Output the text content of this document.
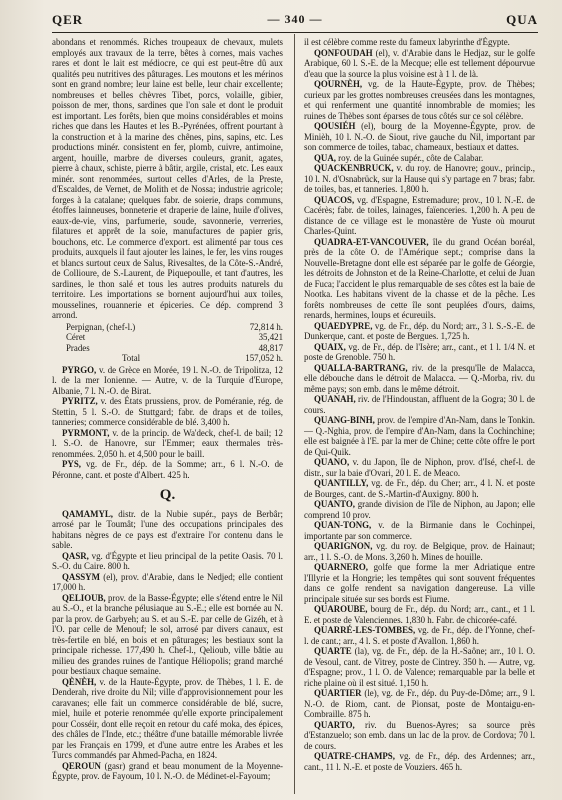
QER	— 340 —	QUA

abondans et renommés. Riches troupeaux de chevaux, mulets employés aux travaux de la terre, bêtes à cornes, mais vaches rares et dont le lait est médiocre, ce qui est peut-être dû aux qualités peu nutritives des pâturages. Les moutons et les mérinos sont en grand nombre; leur laine est belle, leur chair excellente; nombreuses et belles chèvres Tibet, porcs, volaille, gibier, poisson de mer, thons, sardines que l'on sale et dont le produit est important. Les forêts, bien que moins considérables et moins riches que dans les Hautes et les B.-Pyrénées, offrent pourtant à la construction et à la marine des chênes, pins, sapins, etc. Les productions minér. consistent en fer, plomb, cuivre, antimoine, argent, houille, marbre de diverses couleurs, granit, agates, pierre à chaux, schiste, pierre à bâtir, argile, cristal, etc. Les eaux minér. sont renommées, surtout celles d'Arles, de la Preste, d'Escaldes, de Vernet, de Molith et de Nossa; industrie agricole; forges à la catalane; quelques fabr. de soierie, draps communs, étoffes lainneuses, bonneterie et draperie de laine, huile d'olives, eaux-de-vie, vins, parfumerie, soude, savonnerie, verreries, filatures et apprêt de la soie, manufactures de papier gris, bouchons, etc. Le commerce d'export. est alimenté par tous ces produits, auxquels il faut ajouter les laines, le fer, les vins rouges et blancs surtout ceux de Salus, Rivesaltes, de la Côte-S.-André, de Collioure, de S.-Laurent, de Piquepoulle, et tant d'autres, les sardines, le thon salé et tous les autres produits naturels du territoire. Les importations se bornent aujourd'hui aux toiles, mousselines, rouannerie et épiceries. Ce dép. comprend 3 arrond.

Perpignan, (chef-l.)	72,814 h.
Céret	35,421
Prades	48,817
Total	157,052 h.

PYRGO, v. de Grèce en Morée, 19 l. N.-O. de Tripolitza, 12 l. de la mer Ionienne. — Autre, v. de la Turquie d'Europe, Albanie, 7 l. N.-O. de Birat.

PYRITZ, v. des États prussiens, prov. de Poméranie, rég. de Stettin, 5 l. S.-O. de Stuttgard; fabr. de draps et de toiles, tanneries; commerce considérable de blé. 3,400 h.

PYRMONT, v. de la princip. de Wa'deck, chef-l. de bail; 12 l. S.-O. de Hanovre, sur l'Emmer; eaux thermales très-renommées. 2,050 h. et 4,500 pour le baill.

PYS, vg. de Fr., dép. de la Somme; arr., 6 l. N.-O. de Péronne, cant. et poste d'Albert. 425 h.

Q.

QAMAMYL, distr. de la Nubie supér., pays de Berbâr; arrosé par le Toumât; l'une des occupations principales des habitans nègres de ce pays est d'extraire l'or contenu dans le sable.

QASR, vg. d'Égypte et lieu principal de la petite Oasis. 70 l. S.-O. du Caire. 800 h.

QASSYM (el), prov. d'Arabie, dans le Nedjed; elle contient 17,000 h.

QELIOUB, prov. de la Basse-Égypte; elle s'étend entre le Nil au S.-O., et la branche pélusiaque au S.-E.; elle est bornée au N. par la prov. de Garbyeh; au S. et au S.-E. par celle de Gizéh, et à l'O. par celle de Menouf; le sol, arrosé par divers canaux, est très-fertile en blé, en bois et en pâturages; les bestiaux sont la principale richesse. 177,490 h. Chef-l., Qelioub, ville bâtie au milieu des grandes ruines de l'antique Héliopolis; grand marché pour bestiaux chaque semaine.

QÈNÈH, v. de la Haute-Égypte, prov. de Thèbes, 1 l. E. de Denderah, rive droite du Nil; ville d'approvisionnement pour les caravanes; elle fait un commerce considérable de blé, sucre, miel, huile et poterie renommée qu'elle exporte principalement pour Cosséir, dont elle reçoit en retour du café moka, des épices, des châles de l'Inde, etc.; théâtre d'une bataille mémorable livrée par les Français en 1799, et d'une autre entre les Arabes et les Turcs commandés par Ahmed-Pacha, en 1824.

QEROUN (gasr) grand et beau monument de la Moyenne-Égypte, prov. de Fayoum, 10 l. N.-O. de Médinet-el-Fayoum;

il est célèbre comme reste du fameux labyrinthe d'Égypte.

QONFOUDAH (el), v. d'Arabie dans le Hedjaz, sur le golfe Arabique, 60 l. S.-E. de la Mecque; elle est tellement dépourvue d'eau que la source la plus voisine est à 1 l. de là.

QOURNÈH, vg. de la Haute-Égypte, prov. de Thèbes; curieux par les grottes nombreuses creusées dans les montagnes, et qui renferment une quantité innombrable de momies; les ruines de Thèbes sont éparses de tous côtés sur ce sol célèbre.

QOUSIÉH (el), bourg de la Moyenne-Égypte, prov. de Minièh, 10 l. N.-O. de Siout, rive gauche du Nil, important par son commerce de toiles, tabac, chameaux, bestiaux et dattes.

QUA, roy. de la Guinée supér., côte de Calabar.

QUACKENBRUCK, v. du roy. de Hanovre; gouv., princip., 10 l. N. d'Osnabrück, sur la Hause qui s'y partage en 7 bras; fabr. de toiles, bas, et tanneries. 1,800 h.

QUACOS, vg. d'Espagne, Estremadure; prov., 10 l. N.-E. de Cacérès; fabr. de toiles, lainages, faïenceries. 1,200 h. A peu de distance de ce village est le monastère de Yuste où mourut Charles-Quint.

QUADRA-ET-VANCOUVER, île du grand Océan boréal, près de la côte O. de l'Amérique sept.; comprise dans la Nouvelle-Bretagne dont elle est séparée par le golfe de Géorgie, les détroits de Johnston et de la Reine-Charlotte, et celui de Juan de Fuca; l'accident le plus remarquable de ses côtes est la baie de Nootka. Les habitans vivent de la chasse et de la pêche. Les forêts nombreuses de cette île sont peuplées d'ours, daims, renards, hermines, loups et écureuils.

QUAEDYPRE, vg. de Fr., dép. du Nord; arr., 3 l. S.-S.-E. de Dunkerque, cant. et poste de Bergues. 1,725 h.

QUAIX, vg. de Fr., dép. de l'Isère; arr., cant., et 1 l. 1/4 N. et poste de Grenoble. 750 h.

QUALLA-BARTRANG, riv. de la presqu'île de Malacca, elle débouche dans le détroit de Malacca. — Q.-Morba, riv. du même pays; son emb. dans le même détroit.

QUANAH, riv. de l'Hindoustan, affluent de la Gogra; 30 l. de cours.

QUANG-BINH, prov. de l'empire d'An-Nam, dans le Tonkin. — Q.-Nghia, prov. de l'empire d'An-Nam, dans la Cochinchine; elle est baignée à l'E. par la mer de Chine; cette côte offre le port de Qui-Quik.

QUANO, v. du Japon, île de Niphon, prov. d'Isé, chef-l. de distr., sur la baie d'Ovari, 20 l. E. de Meaco.

QUANTILLY, vg. de Fr., dép. du Cher; arr., 4 l. N. et poste de Bourges, cant. de S.-Martin-d'Auxigny. 800 h.

QUANTO, grande division de l'île de Niphon, au Japon; elle comprend 10 prov.

QUAN-TONG, v. de la Birmanie dans le Cochinpei, importante par son commerce.

QUARIGNON, vg. du roy. de Belgique, prov. de Hainaut; arr., 1 l. S.-O. de Mons. 3,260 h. Mines de houille.

QUARNERO, golfe que forme la mer Adriatique entre l'Illyrie et la Hongrie; les tempêtes qui sont souvent fréquentes dans ce golfe rendent sa navigation dangereuse. La ville principale située sur ses bords est Fiume.

QUAROUBE, bourg de Fr., dép. du Nord; arr., cant., et 1 l. E. et poste de Valenciennes. 1,830 h. Fabr. de chicorée-café.

QUARRÉ-LES-TOMBES, vg. de Fr., dép. de l'Yonne, chef-l. de cant.; arr., 4 l. S. et poste d'Avallon. 1,860 h.

QUARTE (la), vg. de Fr., dép. de la H.-Saône; arr., 10 l. O. de Vesoul, cant. de Vitrey, poste de Cintrey. 350 h. — Autre, vg. d'Espagne; prov., 1 l. O. de Valence; remarquable par la belle et riche plaine où il est situé. 1,150 h.

QUARTIER (le), vg. de Fr., dép. du Puy-de-Dôme; arr., 9 l. N.-O. de Riom, cant. de Pionsat, poste de Montaigu-en-Combraille. 875 h.

QUARTO, riv. du Buenos-Ayres; sa source près d'Estanzuelo; son emb. dans un lac de la prov. de Cordova; 70 l. de cours.

QUATRE-CHAMPS, vg. de Fr., dép. des Ardennes; arr., cant., 11 l. N.-E. et poste de Vouziers. 465 h.
